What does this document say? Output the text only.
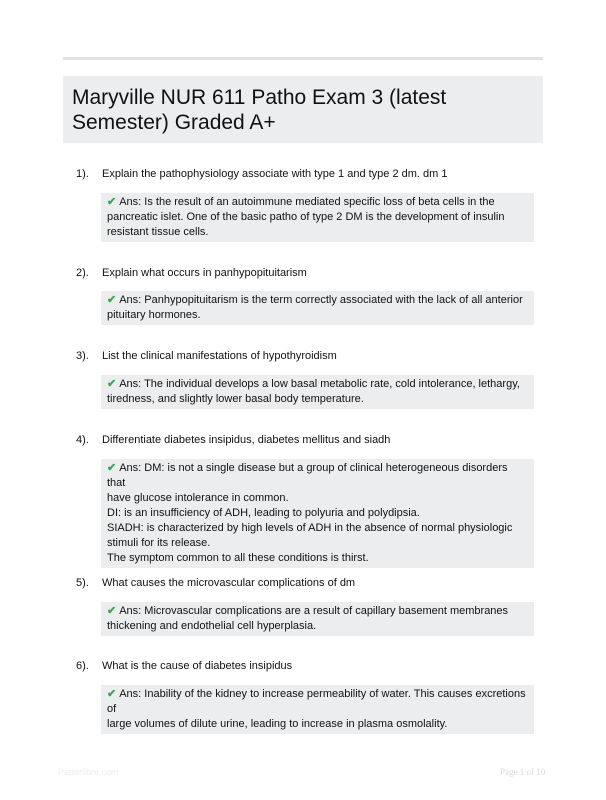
Maryville NUR 611 Patho Exam 3 (latest Semester) Graded A+
1). Explain the pathophysiology associate with type 1 and type 2 dm. dm 1
✔ Ans: Is the result of an autoimmune mediated specific loss of beta cells in the
pancreatic islet. One of the basic patho of type 2 DM is the development of insulin
resistant tissue cells.
2). Explain what occurs in panhypopituitarism
✔ Ans: Panhypopituitarism is the term correctly associated with the lack of all anterior
pituitary hormones.
3). List the clinical manifestations of hypothyroidism
✔ Ans: The individual develops a low basal metabolic rate, cold intolerance, lethargy,
tiredness, and slightly lower basal body temperature.
4). Differentiate diabetes insipidus, diabetes mellitus and siadh
✔ Ans: DM: is not a single disease but a group of clinical heterogeneous disorders that
have glucose intolerance in common.
DI: is an insufficiency of ADH, leading to polyuria and polydipsia.
SIADH: is characterized by high levels of ADH in the absence of normal physiologic
stimuli for its release.
The symptom common to all these conditions is thirst.
5). What causes the microvascular complications of dm
✔ Ans: Microvascular complications are a result of capillary basement membranes
thickening and endothelial cell hyperplasia.
6). What is the cause of diabetes insipidus
✔ Ans: Inability of the kidney to increase permeability of water. This causes excretions of
large volumes of dilute urine, leading to increase in plasma osmolality.
Paperlibre.com	Page 1 of 10
